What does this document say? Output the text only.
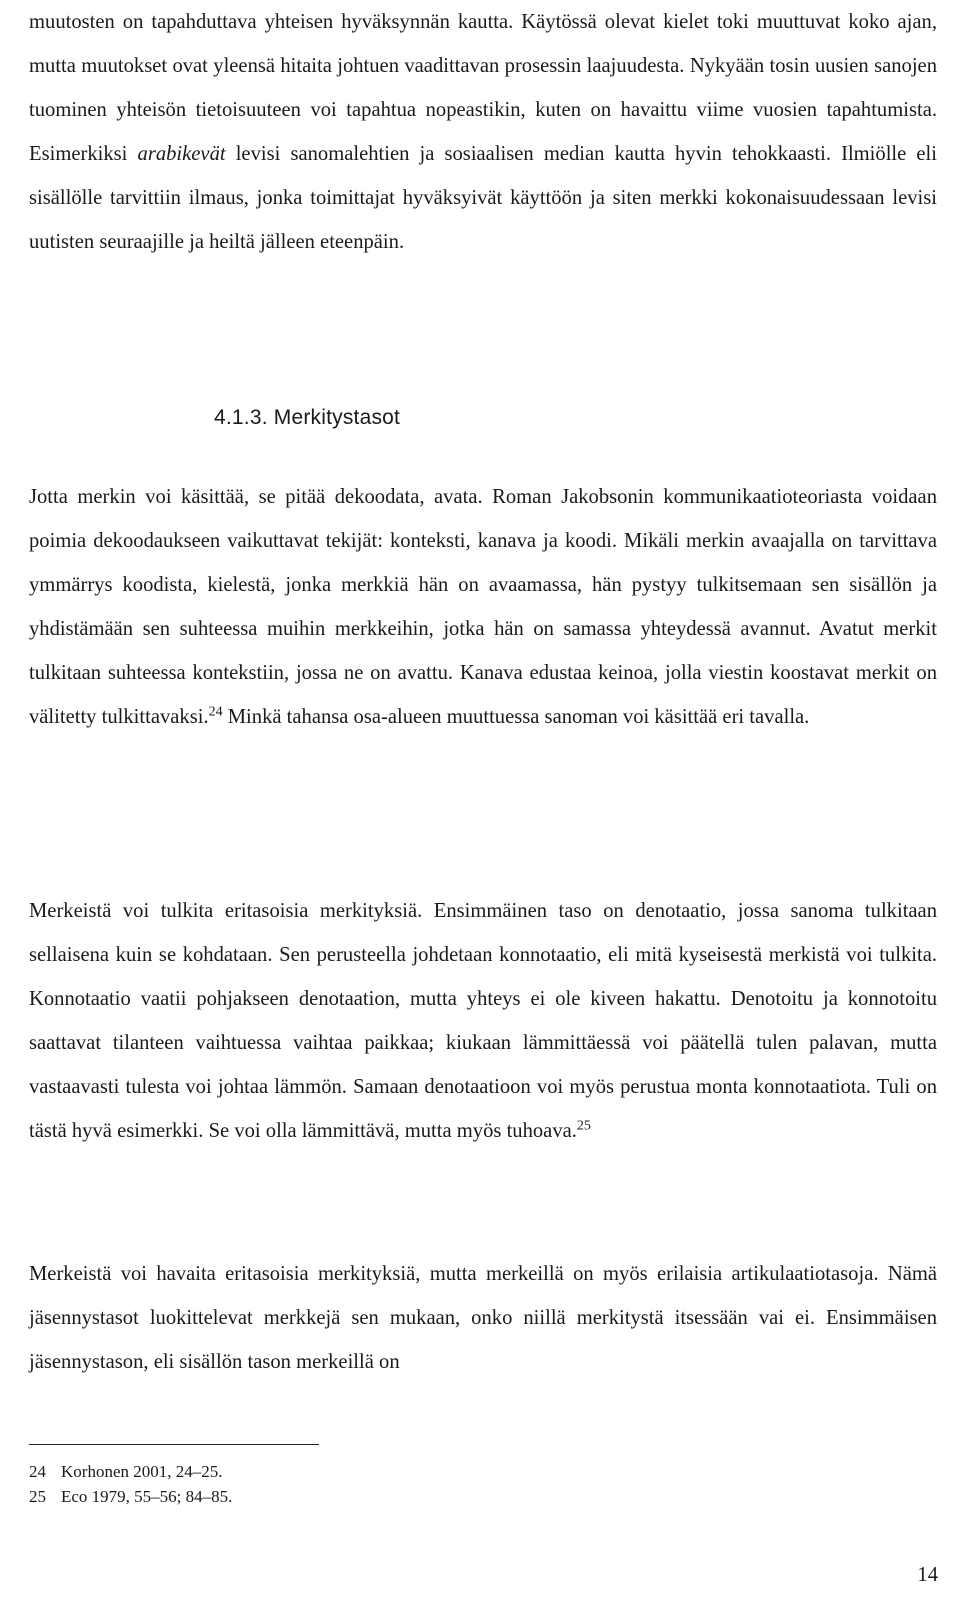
muutosten on tapahduttava yhteisen hyväksynnän kautta. Käytössä olevat kielet toki muuttuvat koko ajan, mutta muutokset ovat yleensä hitaita johtuen vaadittavan prosessin laajuudesta. Nykyään tosin uusien sanojen tuominen yhteisön tietoisuuteen voi tapahtua nopeastikin, kuten on havaittu viime vuosien tapahtumista. Esimerkiksi arabikevät levisi sanomalehtien ja sosiaalisen median kautta hyvin tehokkaasti. Ilmiölle eli sisällölle tarvittiin ilmaus, jonka toimittajat hyväksyivät käyttöön ja siten merkki kokonaisuudessaan levisi uutisten seuraajille ja heiltä jälleen eteenpäin.

4.1.3. Merkitystasot

Jotta merkin voi käsittää, se pitää dekoodata, avata. Roman Jakobsonin kommunikaatioteoriasta voidaan poimia dekoodaukseen vaikuttavat tekijät: konteksti, kanava ja koodi. Mikäli merkin avaajalla on tarvittava ymmärrys koodista, kielestä, jonka merkkiä hän on avaamassa, hän pystyy tulkitsemaan sen sisällön ja yhdistämään sen suhteessa muihin merkkeihin, jotka hän on samassa yhteydessä avannut. Avatut merkit tulkitaan suhteessa kontekstiin, jossa ne on avattu. Kanava edustaa keinoa, jolla viestin koostavat merkit on välitetty tulkittavaksi.$^{24}$ Minkä tahansa osa-alueen muuttuessa sanoman voi käsittää eri tavalla.

Merkeistä voi tulkita eritasoisia merkityksiä. Ensimmäinen taso on denotaatio, jossa sanoma tulkitaan sellaisena kuin se kohdataan. Sen perusteella johdetaan konnotaatio, eli mitä kyseisestä merkistä voi tulkita. Konnotaatio vaatii pohjakseen denotaation, mutta yhteys ei ole kiveen hakattu. Denotoitu ja konnotoitu saattavat tilanteen vaihtuessa vaihtaa paikkaa; kiukaan lämmittäessä voi päätellä tulen palavan, mutta vastaavasti tulesta voi johtaa lämmön. Samaan denotaatioon voi myös perustua monta konnotaatiota. Tuli on tästä hyvä esimerkki. Se voi olla lämmittävä, mutta myös tuhoava.$^{25}$

Merkeistä voi havaita eritasoisia merkityksiä, mutta merkeillä on myös erilaisia artikulaatiotasoja. Nämä jäsennystasot luokittelevat merkkejä sen mukaan, onko niillä merkitystä itsessään vai ei. Ensimmäisen jäsennystason, eli sisällön tason merkeillä on

24 Korhonen 2001, 24–25.
25 Eco 1979, 55–56; 84–85.
14
